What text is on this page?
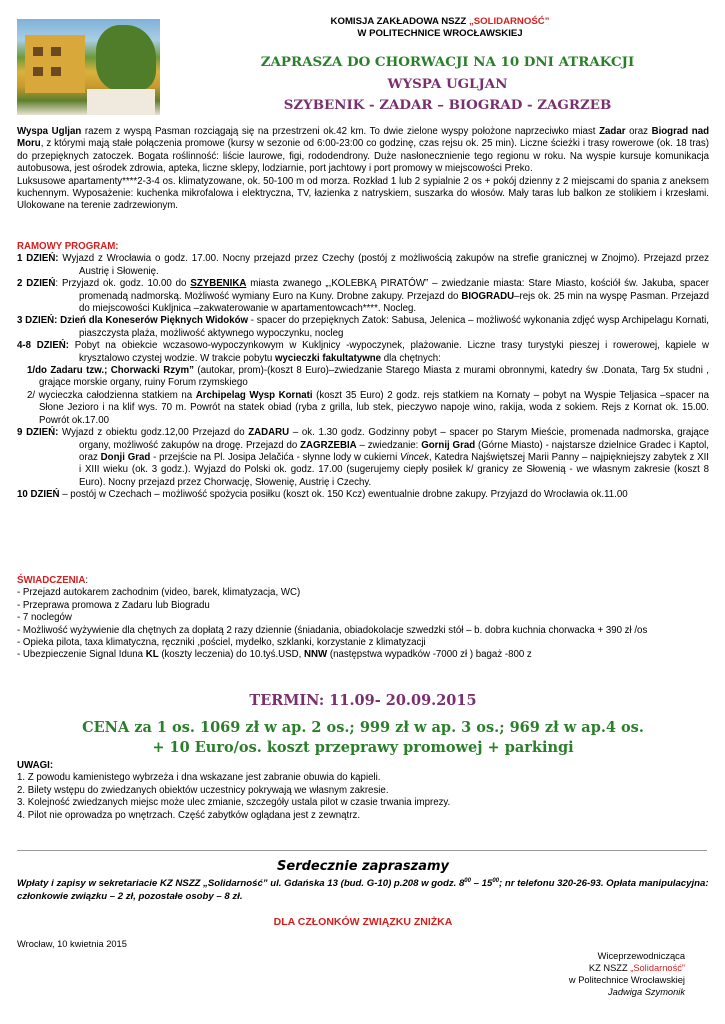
KOMISJA ZAKŁADOWA NSZZ „SOLIDARNOŚĆ”
W POLITECHNICE WROCŁAWSKIEJ
ZAPRASZA DO CHORWACJI NA 10 DNI ATRAKCJI
WYSPA UGLJAN
SZYBENIK - ZADAR – BIOGRAD - ZAGRZEB

Wyspa Ugljan razem z wyspą Pasman rozciągają się na przestrzeni ok.42 km. To dwie zielone wyspy położone naprzeciwko miast Zadar oraz Biograd nad Moru, z którymi mają stałe połączenia promowe (kursy w sezonie od 6:00-23:00 co godzinę, czas rejsu ok. 25 min). Liczne ścieżki i trasy rowerowe (ok. 18 tras) do przepięknych zatoczek. Bogata roślinność: liście laurowe, figi, rododendrony. Duże nasłonecznienie tego regionu w roku. Na wyspie kursuje komunikacja autobusowa, jest ośrodek zdrowia, apteka, liczne sklepy, lodziarnie, port jachtowy i port promowy w miejscowości Preko.

Luksusowe apartamenty****2-3-4 os. klimatyzowane, ok. 50-100 m od morza. Rozkład 1 lub 2 sypialnie 2 os + pokój dzienny z 2 miejscami do spania z aneksem kuchennym. Wyposażenie: kuchenka mikrofalowa i elektryczna, TV, łazienka z natryskiem, suszarka do włosów. Mały taras lub balkon ze stolikiem i krzesłami. Ulokowane na terenie zadrzewionym.

RAMOWY PROGRAM:

1 DZIEŃ: Wyjazd z Wrocławia o godz. 17.00. Nocny przejazd przez Czechy (postój z możliwością zakupów na strefie granicznej w Znojmo). Przejazd przez Austrię i Słowenię.

2 DZIEŃ: Przyjazd ok. godz. 10.00 do SZYBENIKA miasta zwanego „,KOLEBKĄ PIRATÓW” – zwiedzanie miasta: Stare Miasto, kościół św. Jakuba, spacer promenadą nadmorską. Możliwość wymiany Euro na Kuny. Drobne zakupy. Przejazd do BIOGRADU–rejs ok. 25 min na wyspę Pasman. Przejazd do miejscowości Kukljnica –zakwaterowanie w apartamentowcach****. Nocleg.

3 DZIEŃ: Dzień dla Koneserów Pięknych Widoków - spacer do przepięknych Zatok: Sabusa, Jelenica – możliwość wykonania zdjęć wysp Archipelagu Kornati, piaszczysta plaża, możliwość aktywnego wypoczynku, nocleg

4-8 DZIEŃ: Pobyt na obiekcie wczasowo-wypoczynkowym w Kukljnicy -wypoczynek, plażowanie. Liczne trasy turystyki pieszej i rowerowej, kąpiele w krysztalowo czystej wodzie. W trakcie pobytu wycieczki fakultatywne dla chętnych:

1/do Zadaru tzw.; Chorwacki Rzym” (autokar, prom)-(koszt 8 Euro)–zwiedzanie Starego Miasta z murami obronnymi, katedry św .Donata, Targ 5x studni , grające morskie organy, ruiny Forum rzymskiego

2/ wycieczka całodzienna statkiem na Archipelag Wysp Kornati (koszt 35 Euro) 2 godz. rejs statkiem na Kornaty – pobyt na Wyspie Teljasica –spacer na Słone Jezioro i na klif wys. 70 m. Powrót na statek obiad (ryba z grilla, lub stek, pieczywo napoje wino, rakija, woda z sokiem. Rejs z Kornat ok. 15.00. Powrót ok.17.00

9 DZIEŃ: Wyjazd z obiektu godz.12,00 Przejazd do ZADARU – ok. 1.30 godz. Godzinny pobyt – spacer po Starym Mieście, promenada nadmorska, grające organy, możliwość zakupów na drogę. Przejazd do ZAGRZEBIA – zwiedzanie: Gornij Grad (Górne Miasto) - najstarsze dzielnice Gradec i Kaptol, oraz Donji Grad - przejście na Pl. Josipa Jelačića - słynne lody w cukierni Vincek, Katedra Najświętszej Marii Panny – najpiękniejszy zabytek z XII i XIII wieku (ok. 3 godz.). Wyjazd do Polski ok. godz. 17.00 (sugerujemy ciepły posiłek k/ granicy ze Słowenią - we własnym zakresie (koszt 8 Euro). Nocny przejazd przez Chorwację, Słowenię, Austrię i Czechy.

10 DZIEŃ – postój w Czechach – możliwość spożycia posiłku (koszt ok. 150 Kcz) ewentualnie drobne zakupy. Przyjazd do Wrocławia ok.11.00

ŚWIADCZENIA:

- Przejazd autokarem zachodnim (video, barek, klimatyzacja, WC)

- Przeprawa promowa z Zadaru lub Biogradu

- 7 noclegów

- Możliwość wyżywienie dla chętnych za dopłatą 2 razy dziennie (śniadania, obiadokolacje szwedzki stół – b. dobra kuchnia chorwacka + 390 zł /os

- Opieka pilota, taxa klimatyczna, ręczniki ,pościel, mydełko, szklanki, korzystanie z klimatyzacji

- Ubezpieczenie Signal Iduna KL (koszty leczenia) do 10.tyś.USD, NNW (następstwa wypadków -7000 zł ) bagaż -800 z

TERMIN: 11.09- 20.09.2015
CENA za 1 os. 1069 zł w ap. 2 os.; 999 zł w ap. 3 os.; 969 zł w ap.4 os.
+ 10 Euro/os. koszt przeprawy promowej + parkingi

UWAGI:

1. Z powodu kamienistego wybrzeża i dna wskazane jest zabranie obuwia do kąpieli.

2. Bilety wstępu do zwiedzanych obiektów uczestnicy pokrywają we własnym zakresie.

3. Kolejność zwiedzanych miejsc może ulec zmianie, szczegóły ustala pilot w czasie trwania imprezy.

4. Pilot nie oprowadza po wnętrzach. Część zabytków oglądana jest z zewnątrz.

Serdecznie zapraszamy
Wpłaty i zapisy w sekretariacie KZ NSZZ „Solidarność” ul. Gdańska 13 (bud. G-10) p.208 w godz. $8^{00} - 15^{00}$; nr telefonu 320-26-93. Opłata manipulacyjna: członkowie związku – 2 zł, pozostałe osoby – 8 zł.
DLA CZŁONKÓW ZWIĄZKU ZNIŻKA
Wrocław, 10 kwietnia 2015
Wiceprzewodnicząca
KZ NSZZ „Solidarność”
w Politechnice Wrocławskiej
Jadwiga Szymonik
